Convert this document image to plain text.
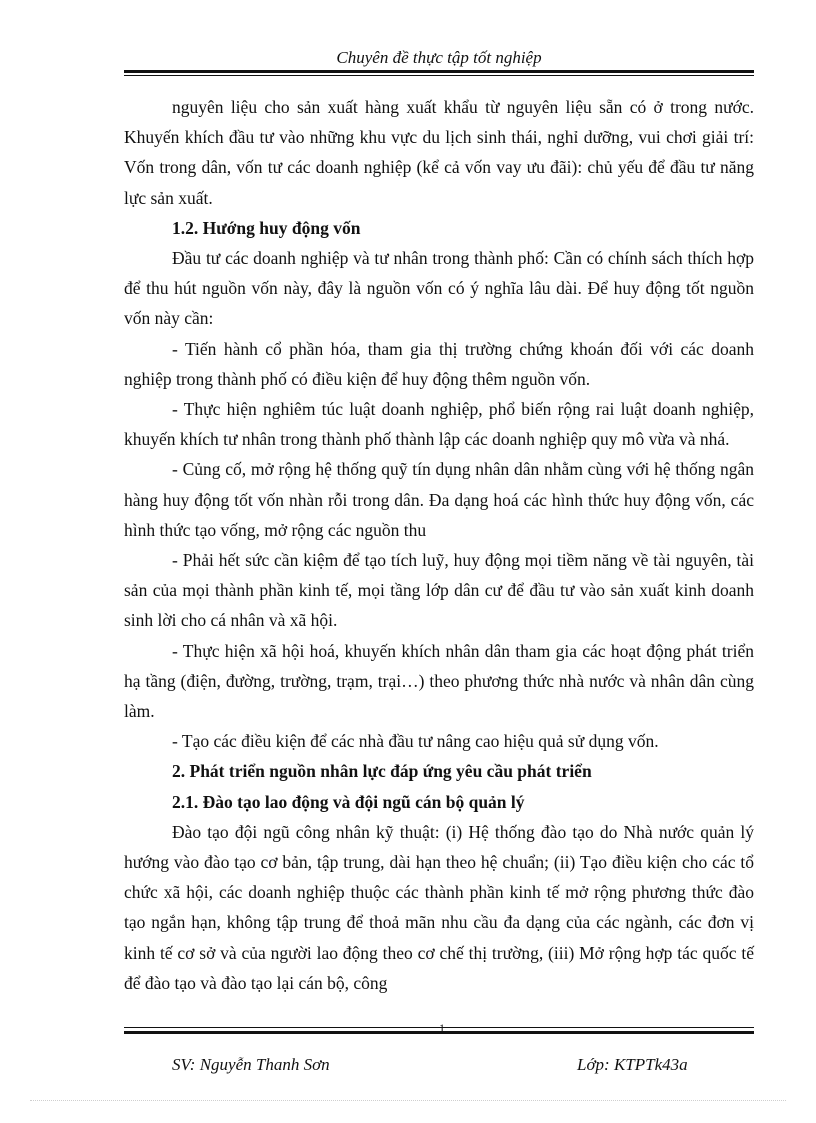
Chuyên đề thực tập tốt nghiệp

nguyên liệu cho sản xuất hàng xuất khẩu từ nguyên liệu sẵn có ở trong nước. Khuyến khích đầu tư vào những khu vực du lịch sinh thái, nghỉ dưỡng, vui chơi giải trí: Vốn trong dân, vốn tư các doanh nghiệp (kể cả vốn vay ưu đãi): chủ yếu để đầu tư năng lực sản xuất.

1.2. Hướng huy động vốn

Đầu tư các doanh nghiệp và tư nhân trong thành phố: Cần có chính sách thích hợp để thu hút nguồn vốn này, đây là nguồn vốn có ý nghĩa lâu dài. Để huy động tốt nguồn vốn này cần:

- Tiến hành cổ phần hóa, tham gia thị trường chứng khoán đối với các doanh nghiệp trong thành phố có điều kiện để huy động thêm nguồn vốn.

- Thực hiện nghiêm túc luật doanh nghiệp, phổ biến rộng rai luật doanh nghiệp, khuyến khích tư nhân trong thành phố thành lập các doanh nghiệp quy mô vừa và nhá.

- Củng cố, mở rộng hệ thống quỹ tín dụng nhân dân nhằm cùng với hệ thống ngân hàng huy động tốt vốn nhàn rỗi trong dân. Đa dạng hoá các hình thức huy động vốn, các hình thức tạo vống, mở rộng các nguồn thu

- Phải hết sức cần kiệm để tạo tích luỹ, huy động mọi tiềm năng về tài nguyên, tài sản của mọi thành phần kinh tế, mọi tầng lớp dân cư để đầu tư vào sản xuất kinh doanh sinh lời cho cá nhân và xã hội.

- Thực hiện xã hội hoá, khuyến khích nhân dân tham gia các hoạt động phát triển hạ tầng (điện, đường, trường, trạm, trại…) theo phương thức nhà nước và nhân dân cùng làm.

- Tạo các điều kiện để các nhà đầu tư nâng cao hiệu quả sử dụng vốn.

2. Phát triển nguồn nhân lực đáp ứng yêu cầu phát triển

2.1. Đào tạo lao động và đội ngũ cán bộ quản lý

Đào tạo đội ngũ công nhân kỹ thuật: (i) Hệ thống đào tạo do Nhà nước quản lý hướng vào đào tạo cơ bản, tập trung, dài hạn theo hệ chuẩn; (ii) Tạo điều kiện cho các tổ chức xã hội, các doanh nghiệp thuộc các thành phần kinh tế mở rộng phương thức đào tạo ngắn hạn, không tập trung để thoả mãn nhu cầu đa dạng của các ngành, các đơn vị kinh tế cơ sở và của người lao động theo cơ chế thị trường, (iii) Mở rộng hợp tác quốc tế để đào tạo và đào tạo lại cán bộ, công

1
SV: Nguyễn Thanh Sơn	Lớp: KTPTk43a
